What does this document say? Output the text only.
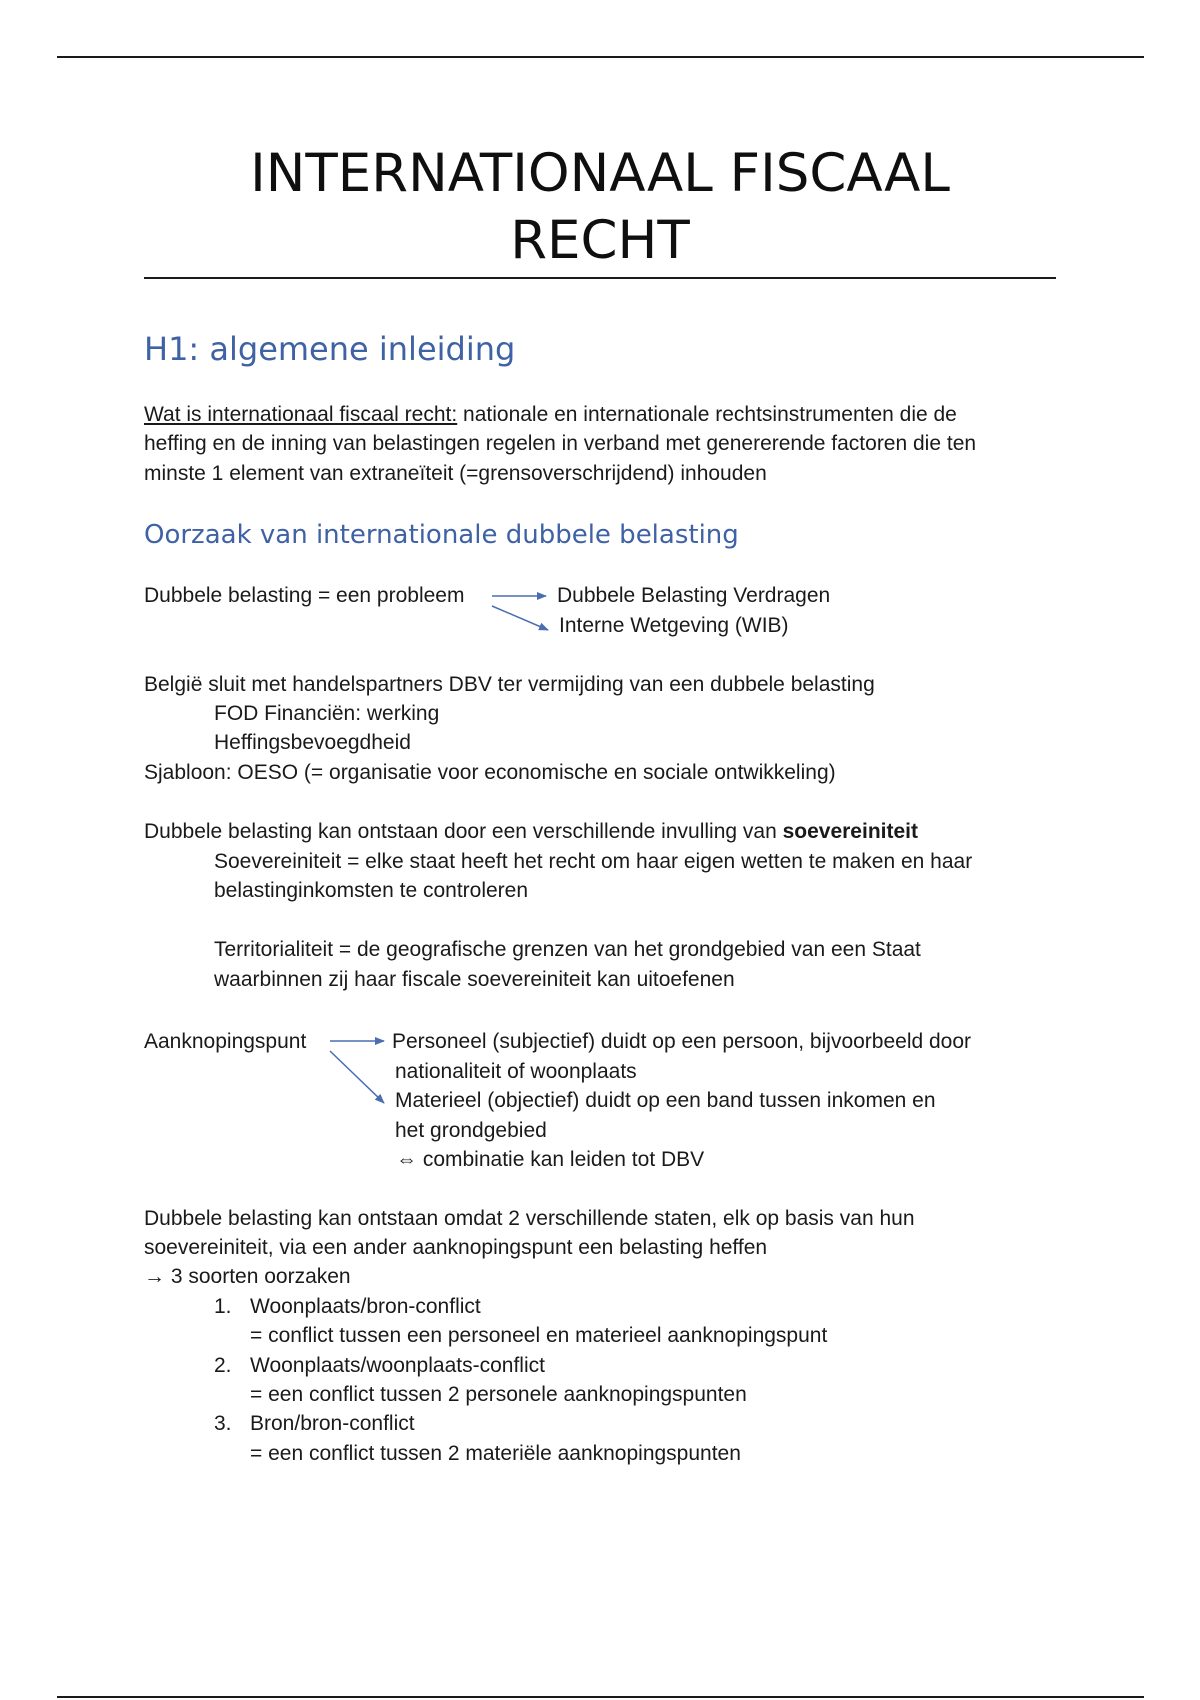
INTERNATIONAAL FISCAAL
RECHT
H1: algemene inleiding
Wat is internationaal fiscaal recht: nationale en internationale rechtsinstrumenten die de
heffing en de inning van belastingen regelen in verband met genererende factoren die ten
minste 1 element van extraneïteit (=grensoverschrijdend) inhouden
Oorzaak van internationale dubbele belasting
Dubbele belasting = een probleem	Dubbele Belasting Verdragen
Interne Wetgeving (WIB)
België sluit met handelspartners DBV ter vermijding van een dubbele belasting
FOD Financiën: werking
Heffingsbevoegdheid
Sjabloon: OESO (= organisatie voor economische en sociale ontwikkeling)
Dubbele belasting kan ontstaan door een verschillende invulling van soevereiniteit
Soevereiniteit = elke staat heeft het recht om haar eigen wetten te maken en haar
belastinginkomsten te controleren
Territorialiteit = de geografische grenzen van het grondgebied van een Staat
waarbinnen zij haar fiscale soevereiniteit kan uitoefenen
Aanknopingspunt	Personeel (subjectief) duidt op een persoon, bijvoorbeeld door
nationaliteit of woonplaats
Materieel (objectief) duidt op een band tussen inkomen en
het grondgebied
⇔ combinatie kan leiden tot DBV
Dubbele belasting kan ontstaan omdat 2 verschillende staten, elk op basis van hun
soevereiniteit, via een ander aanknopingspunt een belasting heffen
→ 3 soorten oorzaken
1. Woonplaats/bron-conflict
= conflict tussen een personeel en materieel aanknopingspunt
2. Woonplaats/woonplaats-conflict
= een conflict tussen 2 personele aanknopingspunten
3. Bron/bron-conflict
= een conflict tussen 2 materiële aanknopingspunten
